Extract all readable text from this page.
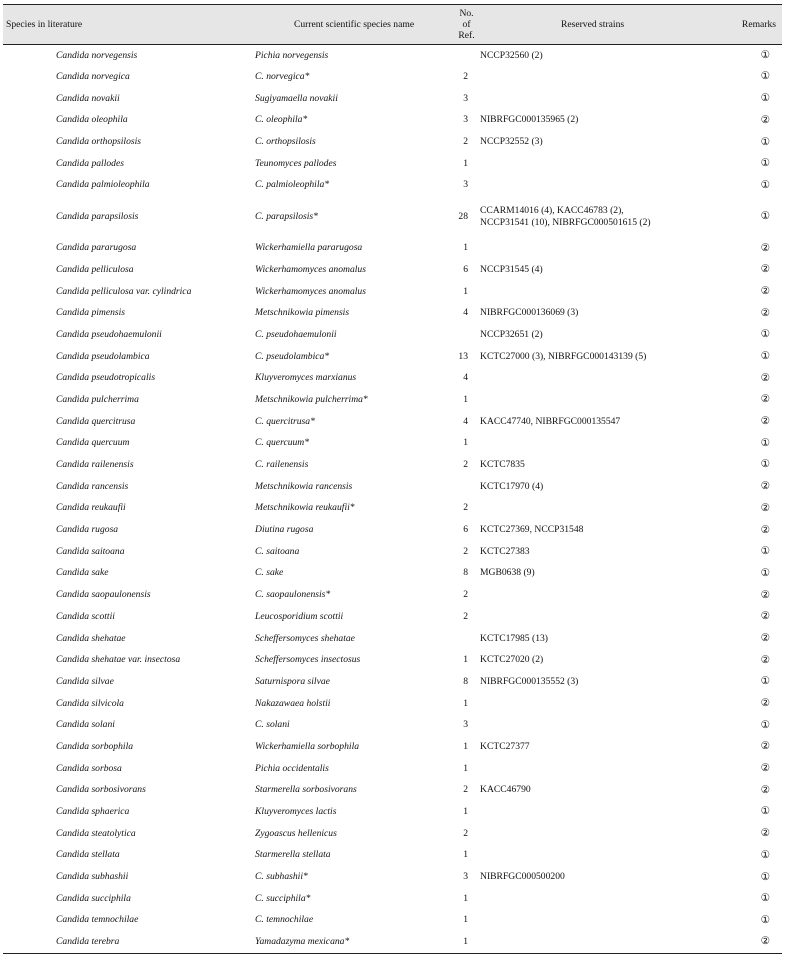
Species in literature		Current scientific species name	No.
of Ref.		Reserved strains	Remarks
	Candida norvegensis	Pichia norvegensis			NCCP32560 (2)	①
	Candida norvegica	C. norvegica*	2			①
	Candida novakii	Sugiyamaella novakii	3			①
	Candida oleophila	C. oleophila*	3		NIBRFGC000135965 (2)	②
	Candida orthopsilosis	C. orthopsilosis	2		NCCP32552 (3)	①
	Candida pallodes	Teunomyces pallodes	1			①
	Candida palmioleophila	C. palmioleophila*	3			①
	Candida parapsilosis	C. parapsilosis*	28		CCARM14016 (4), KACC46783 (2),
NCCP31541 (10), NIBRFGC000501615 (2)	①
	Candida pararugosa	Wickerhamiella pararugosa	1			②
	Candida pelliculosa	Wickerhamomyces anomalus	6		NCCP31545 (4)	②
	Candida pelliculosa var. cylindrica	Wickerhamomyces anomalus	1			②
	Candida pimensis	Metschnikowia pimensis	4		NIBRFGC000136069 (3)	②
	Candida pseudohaemulonii	C. pseudohaemulonii			NCCP32651 (2)	①
	Candida pseudolambica	C. pseudolambica*	13		KCTC27000 (3), NIBRFGC000143139 (5)	①
	Candida pseudotropicalis	Kluyveromyces marxianus	4			②
	Candida pulcherrima	Metschnikowia pulcherrima*	1			②
	Candida quercitrusa	C. quercitrusa*	4		KACC47740, NIBRFGC000135547	②
	Candida quercuum	C. quercuum*	1			①
	Candida railenensis	C. railenensis	2		KCTC7835	①
	Candida rancensis	Metschnikowia rancensis			KCTC17970 (4)	②
	Candida reukaufii	Metschnikowia reukaufii*	2			②
	Candida rugosa	Diutina rugosa	6		KCTC27369, NCCP31548	②
	Candida saitoana	C. saitoana	2		KCTC27383	①
	Candida sake	C. sake	8		MGB0638 (9)	①
	Candida saopaulonensis	C. saopaulonensis*	2			②
	Candida scottii	Leucosporidium scottii	2			②
	Candida shehatae	Scheffersomyces shehatae			KCTC17985 (13)	②
	Candida shehatae var. insectosa	Scheffersomyces insectosus	1		KCTC27020 (2)	②
	Candida silvae	Saturnispora silvae	8		NIBRFGC000135552 (3)	①
	Candida silvicola	Nakazawaea holstii	1			②
	Candida solani	C. solani	3			①
	Candida sorbophila	Wickerhamiella sorbophila	1		KCTC27377	②
	Candida sorbosa	Pichia occidentalis	1			②
	Candida sorbosivorans	Starmerella sorbosivorans	2		KACC46790	②
	Candida sphaerica	Kluyveromyces lactis	1			①
	Candida steatolytica	Zygoascus hellenicus	2			②
	Candida stellata	Starmerella stellata	1			①
	Candida subhashii	C. subhashii*	3		NIBRFGC000500200	①
	Candida succiphila	C. succiphila*	1			①
	Candida temnochilae	C. temnochilae	1			①
	Candida terebra	Yamadazyma mexicana*	1			②
